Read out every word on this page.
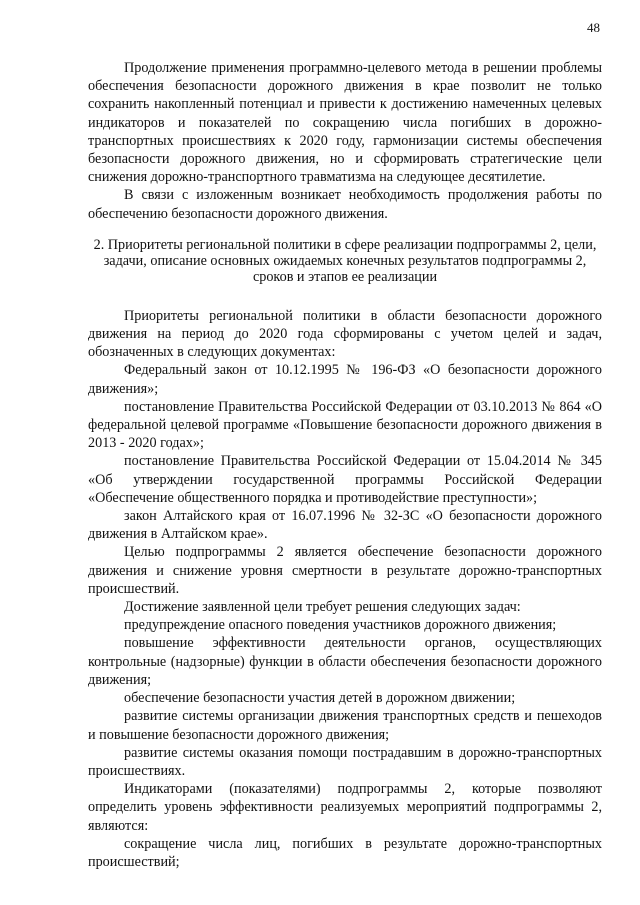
48

Продолжение применения программно-целевого метода в решении проблемы обеспечения безопасности дорожного движения в крае позволит не только сохранить накопленный потенциал и привести к достижению намеченных целевых индикаторов и показателей по сокращению числа погибших в дорожно-транспортных происшествиях к 2020 году, гармонизации системы обеспечения безопасности дорожного движения, но и сформировать стратегические цели снижения дорожно-транспортного травматизма на следующее десятилетие.

В связи с изложенным возникает необходимость продолжения работы по обеспечению безопасности дорожного движения.

2. Приоритеты региональной политики в сфере реализации подпрограммы 2, цели, задачи, описание основных ожидаемых конечных результатов подпрограммы 2, сроков и этапов ее реализации

Приоритеты региональной политики в области безопасности дорожного движения на период до 2020 года сформированы с учетом целей и задач, обозначенных в следующих документах:

Федеральный закон от 10.12.1995 № 196-ФЗ «О безопасности дорожного движения»;

постановление Правительства Российской Федерации от 03.10.2013 № 864 «О федеральной целевой программе «Повышение безопасности дорожного движения в 2013 - 2020 годах»;

постановление Правительства Российской Федерации от 15.04.2014 № 345 «Об утверждении государственной программы Российской Федерации «Обеспечение общественного порядка и противодействие преступности»;

закон Алтайского края от 16.07.1996 № 32-ЗС «О безопасности дорожного движения в Алтайском крае».

Целью подпрограммы 2 является обеспечение безопасности дорожного движения и снижение уровня смертности в результате дорожно-транспортных происшествий.

Достижение заявленной цели требует решения следующих задач:

предупреждение опасного поведения участников дорожного движения;

повышение эффективности деятельности органов, осуществляющих контрольные (надзорные) функции в области обеспечения безопасности дорожного движения;

обеспечение безопасности участия детей в дорожном движении;

развитие системы организации движения транспортных средств и пешеходов и повышение безопасности дорожного движения;

развитие системы оказания помощи пострадавшим в дорожно-транспортных происшествиях.

Индикаторами (показателями) подпрограммы 2, которые позволяют определить уровень эффективности реализуемых мероприятий подпрограммы 2, являются:

сокращение числа лиц, погибших в результате дорожно-транспортных происшествий;
